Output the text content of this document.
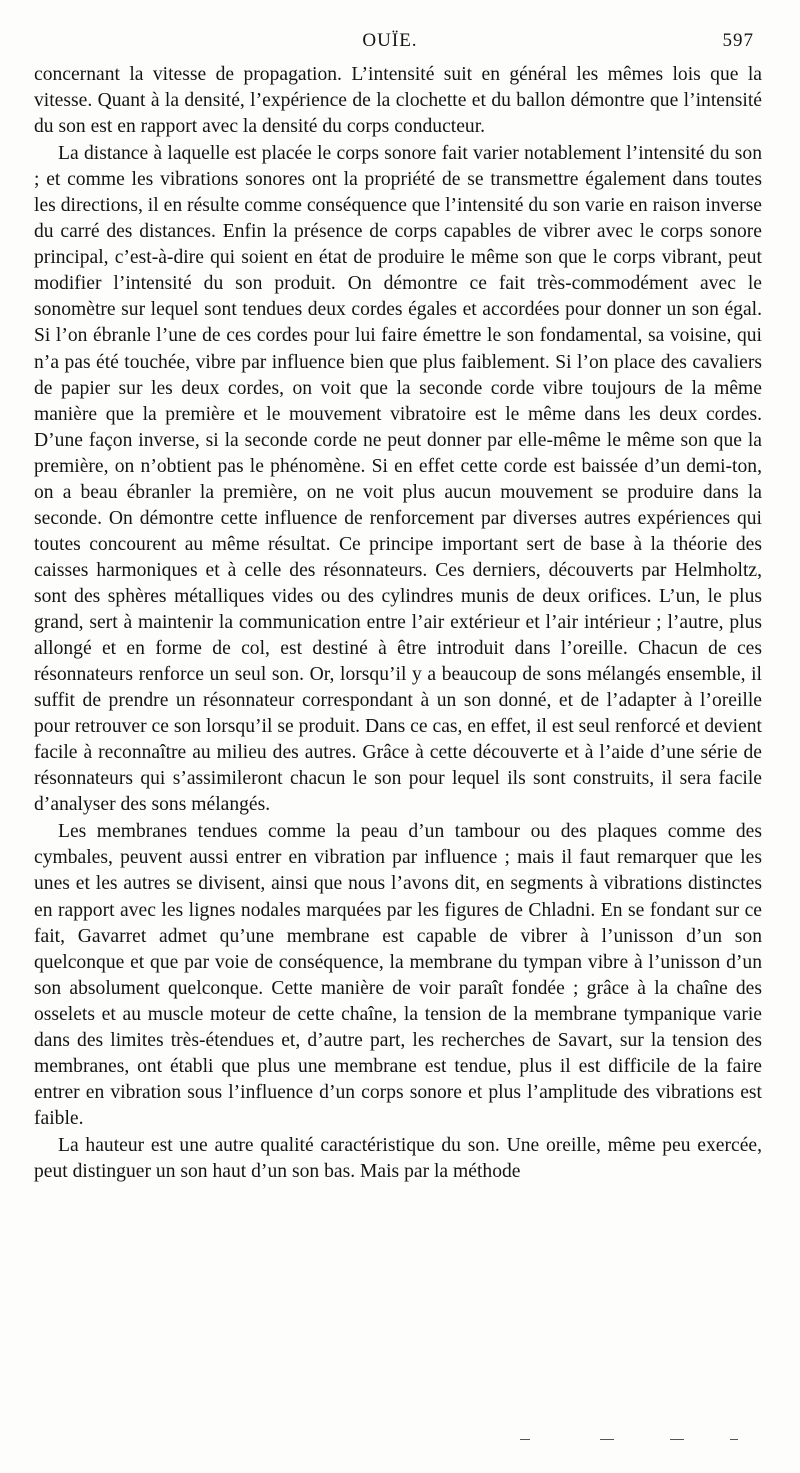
OUÏE.	597

concernant la vitesse de propagation. L’intensité suit en général les mêmes lois que la vitesse. Quant à la densité, l’expérience de la clochette et du ballon démontre que l’intensité du son est en rapport avec la densité du corps conducteur.

La distance à laquelle est placée le corps sonore fait varier notablement l’intensité du son ; et comme les vibrations sonores ont la propriété de se transmettre également dans toutes les directions, il en résulte comme conséquence que l’intensité du son varie en raison inverse du carré des distances. Enfin la présence de corps capables de vibrer avec le corps sonore principal, c’est-à-dire qui soient en état de produire le même son que le corps vibrant, peut modifier l’intensité du son produit. On démontre ce fait très-commodément avec le sonomètre sur lequel sont tendues deux cordes égales et accordées pour donner un son égal. Si l’on ébranle l’une de ces cordes pour lui faire émettre le son fondamental, sa voisine, qui n’a pas été touchée, vibre par influence bien que plus faiblement. Si l’on place des cavaliers de papier sur les deux cordes, on voit que la seconde corde vibre toujours de la même manière que la première et le mouvement vibratoire est le même dans les deux cordes. D’une façon inverse, si la seconde corde ne peut donner par elle-même le même son que la première, on n’obtient pas le phénomène. Si en effet cette corde est baissée d’un demi-ton, on a beau ébranler la première, on ne voit plus aucun mouvement se produire dans la seconde. On démontre cette influence de renforcement par diverses autres expériences qui toutes concourent au même résultat. Ce principe important sert de base à la théorie des caisses harmoniques et à celle des résonnateurs. Ces derniers, découverts par Helmholtz, sont des sphères métalliques vides ou des cylindres munis de deux orifices. L’un, le plus grand, sert à maintenir la communication entre l’air extérieur et l’air intérieur ; l’autre, plus allongé et en forme de col, est destiné à être introduit dans l’oreille. Chacun de ces résonnateurs renforce un seul son. Or, lorsqu’il y a beaucoup de sons mélangés ensemble, il suffit de prendre un résonnateur correspondant à un son donné, et de l’adapter à l’oreille pour retrouver ce son lorsqu’il se produit. Dans ce cas, en effet, il est seul renforcé et devient facile à reconnaître au milieu des autres. Grâce à cette découverte et à l’aide d’une série de résonnateurs qui s’assimileront chacun le son pour lequel ils sont construits, il sera facile d’analyser des sons mélangés.

Les membranes tendues comme la peau d’un tambour ou des plaques comme des cymbales, peuvent aussi entrer en vibration par influence ; mais il faut remarquer que les unes et les autres se divisent, ainsi que nous l’avons dit, en segments à vibrations distinctes en rapport avec les lignes nodales marquées par les figures de Chladni. En se fondant sur ce fait, Gavarret admet qu’une membrane est capable de vibrer à l’unisson d’un son quelconque et que par voie de conséquence, la membrane du tympan vibre à l’unisson d’un son absolument quelconque. Cette manière de voir paraît fondée ; grâce à la chaîne des osselets et au muscle moteur de cette chaîne, la tension de la membrane tympanique varie dans des limites très-étendues et, d’autre part, les recherches de Savart, sur la tension des membranes, ont établi que plus une membrane est tendue, plus il est difficile de la faire entrer en vibration sous l’influence d’un corps sonore et plus l’amplitude des vibrations est faible.

La hauteur est une autre qualité caractéristique du son. Une oreille, même peu exercée, peut distinguer un son haut d’un son bas. Mais par la méthode
